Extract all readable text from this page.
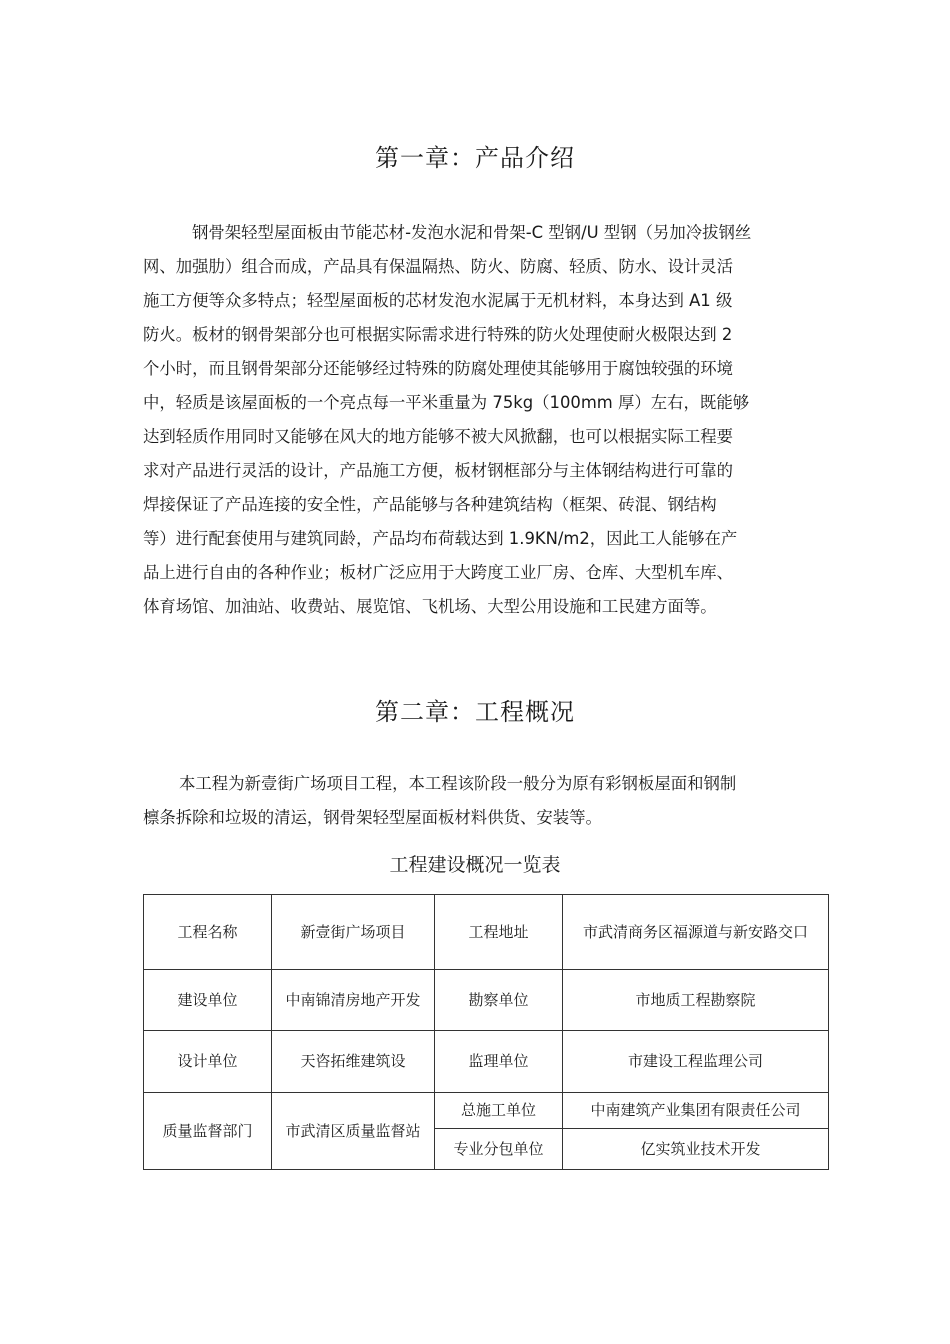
第一章：产品介绍
钢骨架轻型屋面板由节能芯材-发泡水泥和骨架-C 型钢/U 型钢（另加冷拔钢丝
网、加强肋）组合而成，产品具有保温隔热、防火、防腐、轻质、防水、设计灵活
施工方便等众多特点；轻型屋面板的芯材发泡水泥属于无机材料，本身达到 A1 级
防火。板材的钢骨架部分也可根据实际需求进行特殊的防火处理使耐火极限达到 2
个小时，而且钢骨架部分还能够经过特殊的防腐处理使其能够用于腐蚀较强的环境
中，轻质是该屋面板的一个亮点每一平米重量为 75kg（100mm 厚）左右，既能够
达到轻质作用同时又能够在风大的地方能够不被大风掀翻，也可以根据实际工程要
求对产品进行灵活的设计，产品施工方便，板材钢框部分与主体钢结构进行可靠的
焊接保证了产品连接的安全性，产品能够与各种建筑结构（框架、砖混、钢结构
等）进行配套使用与建筑同龄，产品均布荷载达到 1.9KN/m2，因此工人能够在产
品上进行自由的各种作业；板材广泛应用于大跨度工业厂房、仓库、大型机车库、
体育场馆、加油站、收费站、展览馆、飞机场、大型公用设施和工民建方面等。
第二章：工程概况
本工程为新壹街广场项目工程，本工程该阶段一般分为原有彩钢板屋面和钢制
檩条拆除和垃圾的清运，钢骨架轻型屋面板材料供货、安装等。
工程建设概况一览表
工程名称	新壹街广场项目	工程地址	市武清商务区福源道与新安路交口
建设单位	中南锦清房地产开发	勘察单位	市地质工程勘察院
设计单位	天咨拓维建筑设	监理单位	市建设工程监理公司
质量监督部门	市武清区质量监督站	总施工单位	中南建筑产业集团有限责任公司
		专业分包单位	亿实筑业技术开发
